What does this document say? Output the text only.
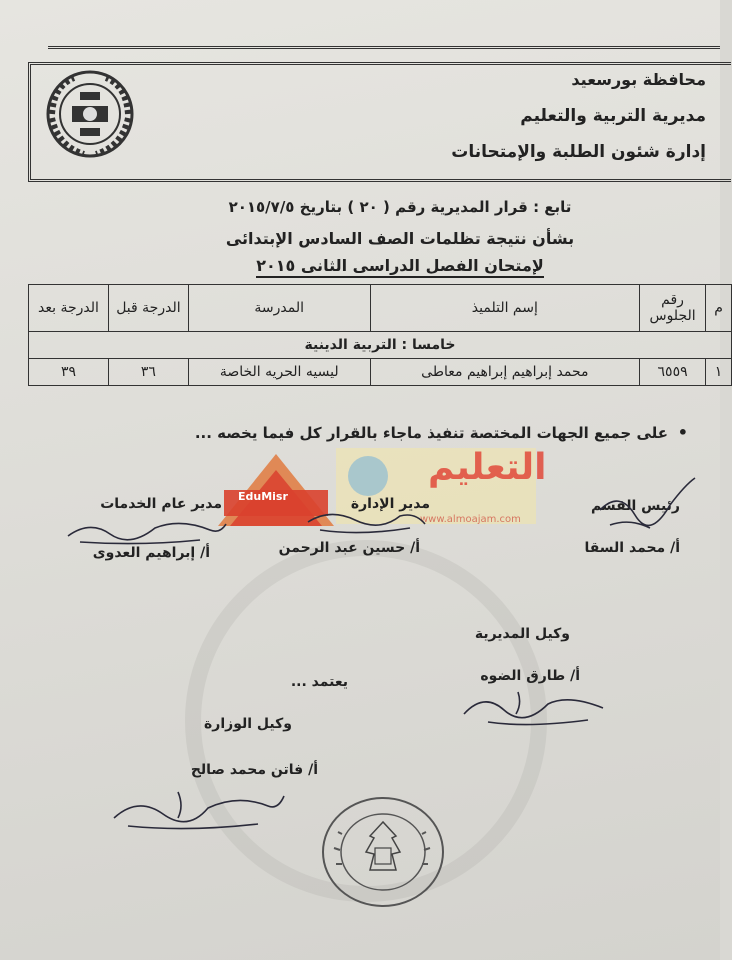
محافظة بورسعيد
مديرية التربية والتعليم
إدارة شئون الطلبة والإمتحانات
تابع : قرار المديرية رقم ( ٢٠ ) بتاريخ ٢٠١٥/٧/٥
بشأن نتيجة تظلمات الصف السادس الإبتدائى
لإمتحان الفصل الدراسى الثانى ٢٠١٥
م	رقم الجلوس	إسم التلميذ	المدرسة	الدرجة قبل	الدرجة بعد
خامسا : التربية الدينية					
١	٦٥٥٩	محمد إبراهيم إبراهيم معاطى	ليسيه الحريه الخاصة	٣٦	٣٩
• على جميع الجهات المختصة تنفيذ ماجاء بالقرار كل فيما يخصه ...
التعليم
EduMisr
www.almoajam.com
رئيس القسم
أ/ محمد السقا
مدير الإدارة
أ/ حسين عبد الرحمن
مدير عام الخدمات
أ/ إبراهيم العدوى
وكيل المديرية
أ/ طارق الضوه
يعتمد ...
وكيل الوزارة
أ/ فاتن محمد صالح
